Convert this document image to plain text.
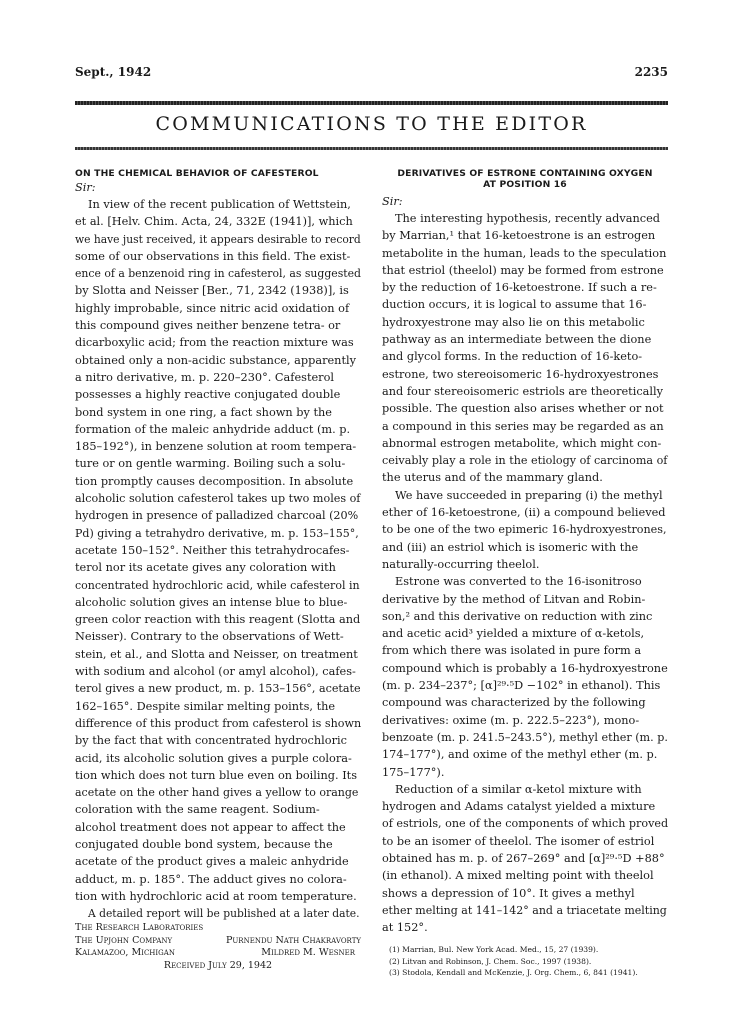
Sept., 1942	2235
COMMUNICATIONS TO THE EDITOR
ON THE CHEMICAL BEHAVIOR OF CAFESTEROL
Sir:
In view of the recent publication of Wettstein,
et al. [Helv. Chim. Acta, 24, 332E (1941)], which
we have just received, it appears desirable to record
some of our observations in this field. The exist-
ence of a benzenoid ring in cafesterol, as suggested
by Slotta and Neisser [Ber., 71, 2342 (1938)], is
highly improbable, since nitric acid oxidation of
this compound gives neither benzene tetra- or
dicarboxylic acid; from the reaction mixture was
obtained only a non-acidic substance, apparently
a nitro derivative, m. p. 220–230°. Cafesterol
possesses a highly reactive conjugated double
bond system in one ring, a fact shown by the
formation of the maleic anhydride adduct (m. p.
185–192°), in benzene solution at room tempera-
ture or on gentle warming. Boiling such a solu-
tion promptly causes decomposition. In absolute
alcoholic solution cafesterol takes up two moles of
hydrogen in presence of palladized charcoal (20%
Pd) giving a tetrahydro derivative, m. p. 153–155°,
acetate 150–152°. Neither this tetrahydrocafes-
terol nor its acetate gives any coloration with
concentrated hydrochloric acid, while cafesterol in
alcoholic solution gives an intense blue to blue-
green color reaction with this reagent (Slotta and
Neisser). Contrary to the observations of Wett-
stein, et al., and Slotta and Neisser, on treatment
with sodium and alcohol (or amyl alcohol), cafes-
terol gives a new product, m. p. 153–156°, acetate
162–165°. Despite similar melting points, the
difference of this product from cafesterol is shown
by the fact that with concentrated hydrochloric
acid, its alcoholic solution gives a purple colora-
tion which does not turn blue even on boiling. Its
acetate on the other hand gives a yellow to orange
coloration with the same reagent. Sodium-
alcohol treatment does not appear to affect the
conjugated double bond system, because the
acetate of the product gives a maleic anhydride
adduct, m. p. 185°. The adduct gives no colora-
tion with hydrochloric acid at room temperature.
A detailed report will be published at a later date.
The Research Laboratories
The Upjohn Company	Purnendu Nath Chakravorty
Kalamazoo, Michigan	Mildred M. Wesner
Received July 29, 1942
DERIVATIVES OF ESTRONE CONTAINING OXYGEN
AT POSITION 16
Sir:
The interesting hypothesis, recently advanced
by Marrian,¹ that 16-ketoestrone is an estrogen
metabolite in the human, leads to the speculation
that estriol (theelol) may be formed from estrone
by the reduction of 16-ketoestrone. If such a re-
duction occurs, it is logical to assume that 16-
hydroxyestrone may also lie on this metabolic
pathway as an intermediate between the dione
and glycol forms. In the reduction of 16-keto-
estrone, two stereoisomeric 16-hydroxyestrones
and four stereoisomeric estriols are theoretically
possible. The question also arises whether or not
a compound in this series may be regarded as an
abnormal estrogen metabolite, which might con-
ceivably play a role in the etiology of carcinoma of
the uterus and of the mammary gland.
We have succeeded in preparing (i) the methyl
ether of 16-ketoestrone, (ii) a compound believed
to be one of the two epimeric 16-hydroxyestrones,
and (iii) an estriol which is isomeric with the
naturally-occurring theelol.
Estrone was converted to the 16-isonitroso
derivative by the method of Litvan and Robin-
son,² and this derivative on reduction with zinc
and acetic acid³ yielded a mixture of α-ketols,
from which there was isolated in pure form a
compound which is probably a 16-hydroxyestrone
(m. p. 234–237°; [α]²⁹·⁵D −102° in ethanol). This
compound was characterized by the following
derivatives: oxime (m. p. 222.5–223°), mono-
benzoate (m. p. 241.5–243.5°), methyl ether (m. p.
174–177°), and oxime of the methyl ether (m. p.
175–177°).
Reduction of a similar α-ketol mixture with
hydrogen and Adams catalyst yielded a mixture
of estriols, one of the components of which proved
to be an isomer of theelol. The isomer of estriol
obtained has m. p. of 267–269° and [α]²⁹·⁵D +88°
(in ethanol). A mixed melting point with theelol
shows a depression of 10°. It gives a methyl
ether melting at 141–142° and a triacetate melting
at 152°.
(1) Marrian, Bul. New York Acad. Med., 15, 27 (1939).
(2) Litvan and Robinson, J. Chem. Soc., 1997 (1938).
(3) Stodola, Kendall and McKenzie, J. Org. Chem., 6, 841 (1941).
